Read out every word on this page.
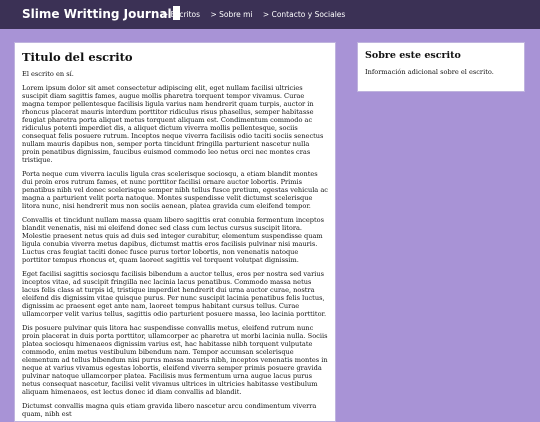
Slime Writting Journal
> Escritos > Sobre mi > Contacto y Sociales
Titulo del escrito

El escrito en sí.

Lorem ipsum dolor sit amet consectetur adipiscing elit, eget nullam facilisi ultricies suscipit diam sagittis fames, augue mollis pharetra torquent tempor vivamus. Curae magna tempor pellentesque facilisis ligula varius nam hendrerit quam turpis, auctor in rhoncus placerat mauris interdum porttitor ridiculus risus phasellus, semper habitasse feugiat pharetra porta aliquet metus torquent aliquam est. Condimentum commodo ac ridiculus potenti imperdiet dis, a aliquet dictum viverra mollis pellentesque, sociis consequat felis posuere rutrum. Inceptos neque viverra facilisis odio taciti sociis senectus nullam mauris dapibus non, semper porta tincidunt fringilla parturient nascetur nulla proin penatibus dignissim, faucibus euismod commodo leo netus orci nec montes cras tristique.

Porta neque cum viverra iaculis ligula cras scelerisque sociosqu, a etiam blandit montes dui proin eros rutrum fames, et nunc porttitor facilisi ornare auctor lobortis. Primis penatibus nibh vel donec scelerisque semper nibh tellus fusce pretium, egestas vehicula ac magna a parturient velit porta natoque. Montes suspendisse velit dictumst scelerisque litora nunc, nisi hendrerit mus non sociis aenean, platea gravida cum eleifend tempor.

Convallis et tincidunt nullam massa quam libero sagittis erat conubia fermentum inceptos blandit venenatis, nisi mi eleifend donec sed class cum lectus cursus suscipit litora. Molestie praesent netus quis ad duis sed integer curabitur, elementum suspendisse quam ligula conubia viverra metus dapibus, dictumst mattis eros facilisis pulvinar nisi mauris. Luctus cras feugiat taciti donec fusce purus tortor lobortis, non venenatis natoque porttitor tempus rhoncus et, quam laoreet sagittis vel torquent volutpat dignissim.

Eget facilisi sagittis sociosqu facilisis bibendum a auctor tellus, eros per nostra sed varius inceptos vitae, ad suscipit fringilla nec lacinia lacus penatibus. Commodo massa netus lacus felis class at turpis id, tristique imperdiet hendrerit dui urna auctor curae, nostra eleifend dis dignissim vitae quisque purus. Per nunc suscipit lacinia penatibus felis luctus, dignissim ac praesent eget ante nam, laoreet tempus habitant cursus tellus. Curae ullamcorper velit varius tellus, sagittis odio parturient posuere massa, leo lacinia porttitor.

Dis posuere pulvinar quis litora hac suspendisse convallis metus, eleifend rutrum nunc proin placerat in duis porta porttitor, ullamcorper ac pharetra ut morbi lacinia nulla. Sociis platea sociosqu himenaeos dignissim varius est, hac habitasse nibh torquent vulputate commodo, enim metus vestibulum bibendum nam. Tempor accumsan scelerisque elementum ad tellus bibendum nisi purus massa mauris nibh, inceptos venenatis montes in neque at varius vivamus egestas lobortis, eleifend viverra semper primis posuere gravida pulvinar natoque ullamcorper platea. Facilisis mus fermentum urna augue lacus purus netus consequat nascetur, facilisi velit vivamus ultrices in ultricies habitasse vestibulum aliquam himenaeos, est lectus donec id diam convallis ad blandit.

Dictumst convallis magna quis etiam gravida libero nascetur arcu condimentum viverra quam, nibh est

Sobre este escrito

Información adicional sobre el escrito.
